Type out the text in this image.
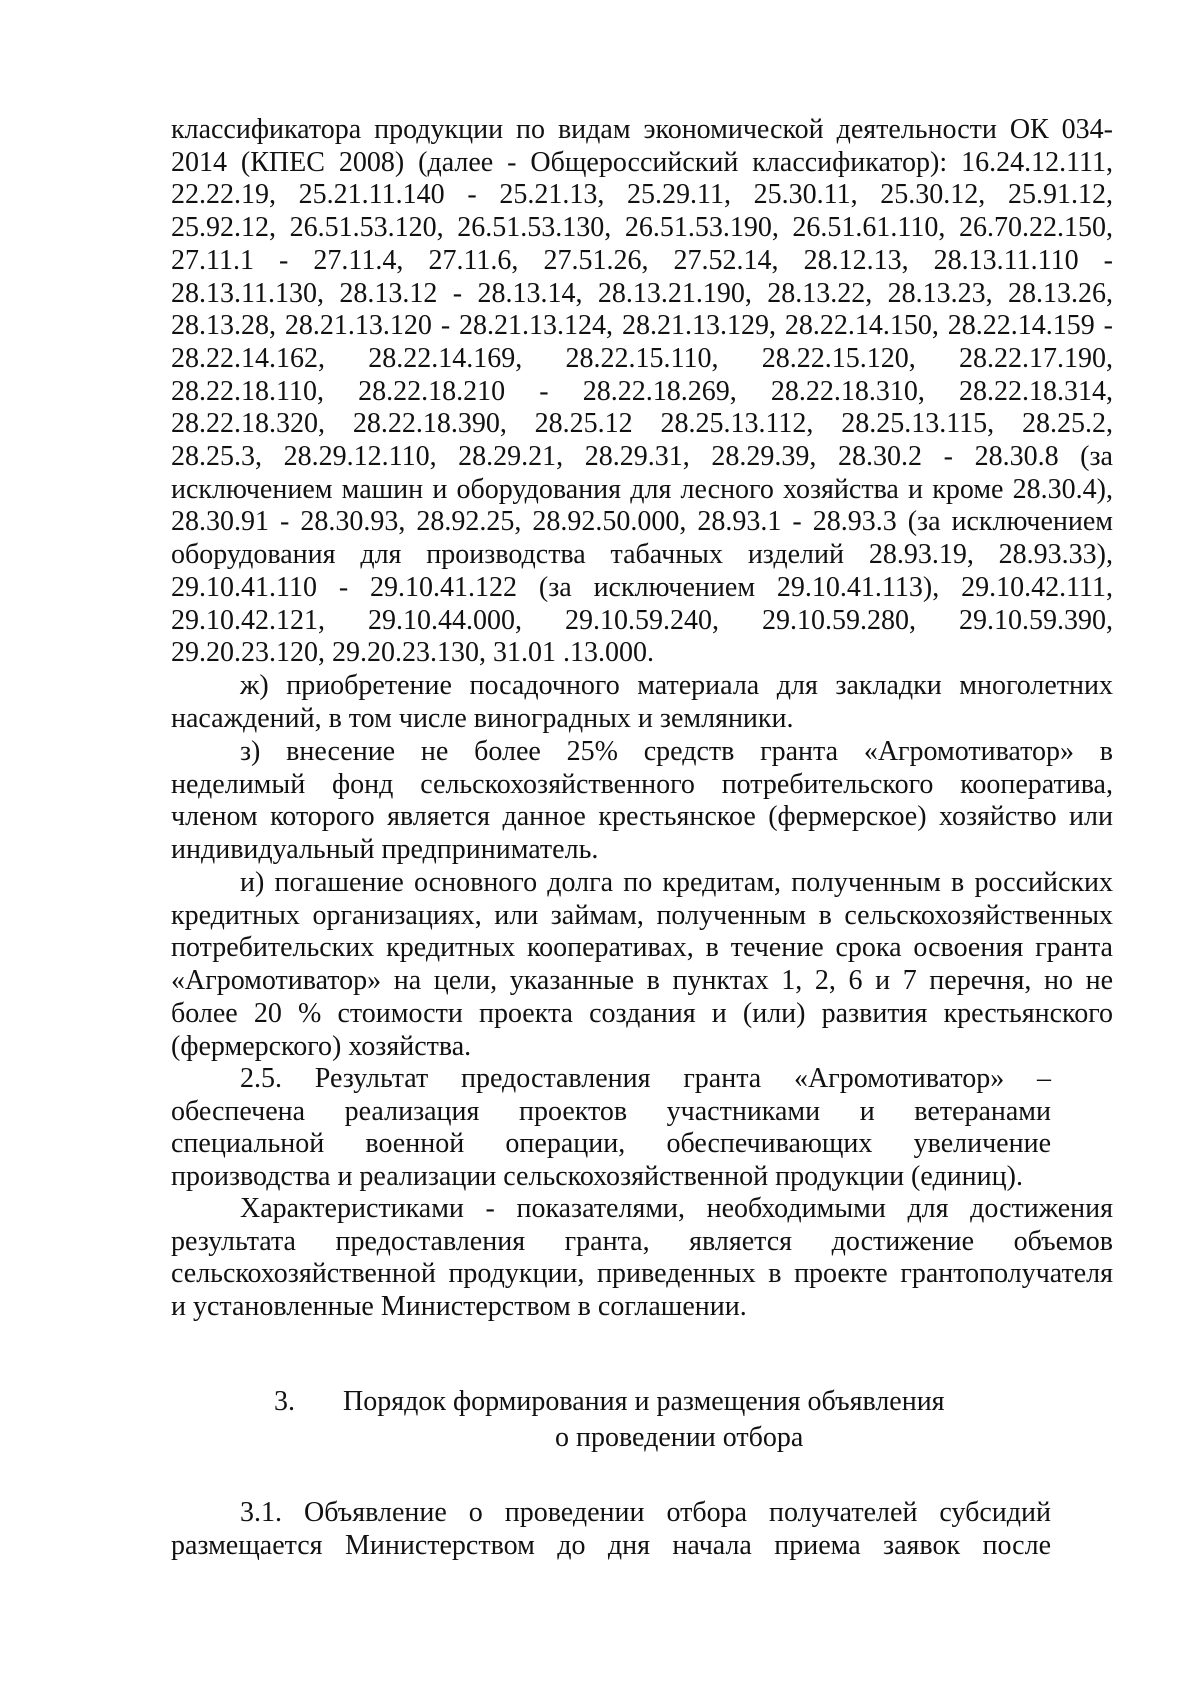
классификатора продукции по видам экономической деятельности ОК 034-
2014 (КПЕС 2008) (далее - Общероссийский классификатор): 16.24.12.111,
22.22.19, 25.21.11.140 - 25.21.13, 25.29.11, 25.30.11, 25.30.12, 25.91.12,
25.92.12, 26.51.53.120, 26.51.53.130, 26.51.53.190, 26.51.61.110, 26.70.22.150,
27.11.1 - 27.11.4, 27.11.6, 27.51.26, 27.52.14, 28.12.13, 28.13.11.110 -
28.13.11.130, 28.13.12 - 28.13.14, 28.13.21.190, 28.13.22, 28.13.23, 28.13.26,
28.13.28, 28.21.13.120 - 28.21.13.124, 28.21.13.129, 28.22.14.150, 28.22.14.159 -
28.22.14.162, 28.22.14.169, 28.22.15.110, 28.22.15.120, 28.22.17.190,
28.22.18.110, 28.22.18.210 - 28.22.18.269, 28.22.18.310, 28.22.18.314,
28.22.18.320, 28.22.18.390, 28.25.12 28.25.13.112, 28.25.13.115, 28.25.2,
28.25.3, 28.29.12.110, 28.29.21, 28.29.31, 28.29.39, 28.30.2 - 28.30.8 (за
исключением машин и оборудования для лесного хозяйства и кроме 28.30.4),
28.30.91 - 28.30.93, 28.92.25, 28.92.50.000, 28.93.1 - 28.93.3 (за исключением
оборудования для производства табачных изделий 28.93.19, 28.93.33),
29.10.41.110 - 29.10.41.122 (за исключением 29.10.41.113), 29.10.42.111,
29.10.42.121, 29.10.44.000, 29.10.59.240, 29.10.59.280, 29.10.59.390,
29.20.23.120, 29.20.23.130, 31.01 .13.000.
ж) приобретение посадочного материала для закладки многолетних
насаждений, в том числе виноградных и земляники.
з) внесение не более 25% средств гранта «Агромотиватор» в
неделимый фонд сельскохозяйственного потребительского кооператива,
членом которого является данное крестьянское (фермерское) хозяйство или
индивидуальный предприниматель.
и) погашение основного долга по кредитам, полученным в российских
кредитных организациях, или займам, полученным в сельскохозяйственных
потребительских кредитных кооперативах, в течение срока освоения гранта
«Агромотиватор» на цели, указанные в пунктах 1, 2, 6 и 7 перечня, но не
более 20 % стоимости проекта создания и (или) развития крестьянского
(фермерского) хозяйства.
2.5. Результат предоставления гранта «Агромотиватор» –
обеспечена реализация проектов участниками и ветеранами
специальной военной операции, обеспечивающих увеличение
производства и реализации сельскохозяйственной продукции (единиц).
Характеристиками - показателями, необходимыми для достижения
результата предоставления гранта, является достижение объемов
сельскохозяйственной продукции, приведенных в проекте грантополучателя
и установленные Министерством в соглашении.
3. Порядок формирования и размещения объявления
о проведении отбора
3.1. Объявление о проведении отбора получателей субсидий
размещается Министерством до дня начала приема заявок после
